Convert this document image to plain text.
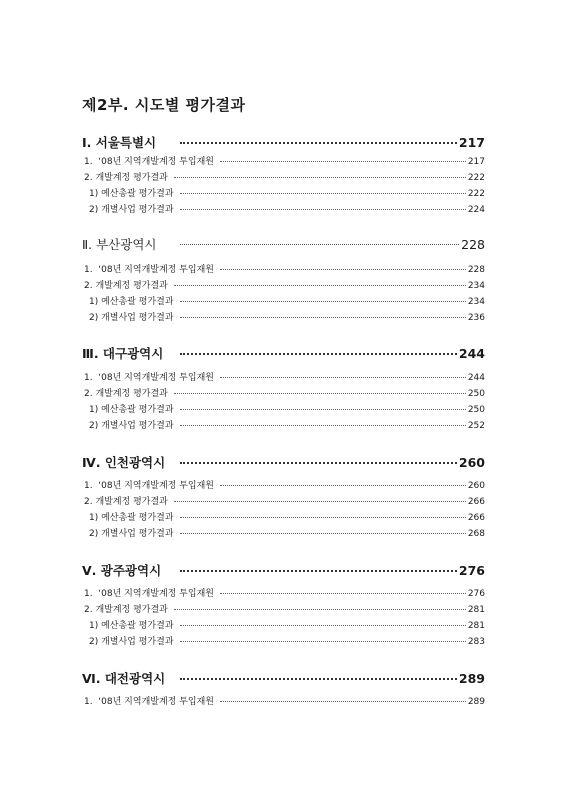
제2부. 시도별 평가결과
Ⅰ. 서울특별시	217
1.  ‘08년 지역개발계정 투입재원	217
2. 개발계정 평가결과	222
1) 예산총괄 평가결과	222
2) 개별사업 평가결과	224
Ⅱ. 부산광역시	228
1.  ‘08년 지역개발계정 투입재원	228
2. 개발계정 평가결과	234
1) 예산총괄 평가결과	234
2) 개별사업 평가결과	236
Ⅲ. 대구광역시	244
1.  ‘08년 지역개발계정 투입재원	244
2. 개발계정 평가결과	250
1) 예산총괄 평가결과	250
2) 개별사업 평가결과	252
Ⅳ. 인천광역시	260
1.  ‘08년 지역개발계정 투입재원	260
2. 개발계정 평가결과	266
1) 예산총괄 평가결과	266
2) 개별사업 평가결과	268
Ⅴ. 광주광역시	276
1.  ‘08년 지역개발계정 투입재원	276
2. 개발계정 평가결과	281
1) 예산총괄 평가결과	281
2) 개별사업 평가결과	283
Ⅵ. 대전광역시	289
1.  ‘08년 지역개발계정 투입재원	289
